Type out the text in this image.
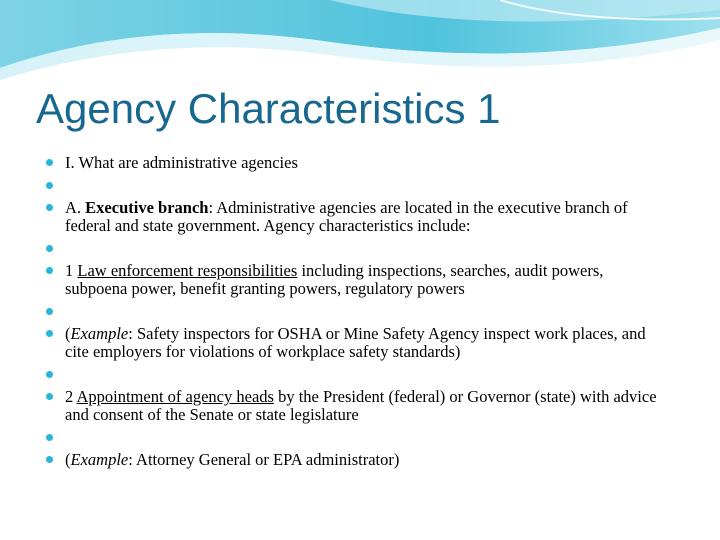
Agency Characteristics 1
I. What are administrative agencies
A. Executive branch: Administrative agencies are located in the executive branch of federal and state government. Agency characteristics include:
1 Law enforcement responsibilities including inspections, searches, audit powers, subpoena power, benefit granting powers, regulatory powers
(Example: Safety inspectors for OSHA or Mine Safety Agency inspect work places, and cite employers for violations of workplace safety standards)
2 Appointment of agency heads by the President (federal) or Governor (state) with advice and consent of the Senate or state legislature
(Example: Attorney General or EPA administrator)
